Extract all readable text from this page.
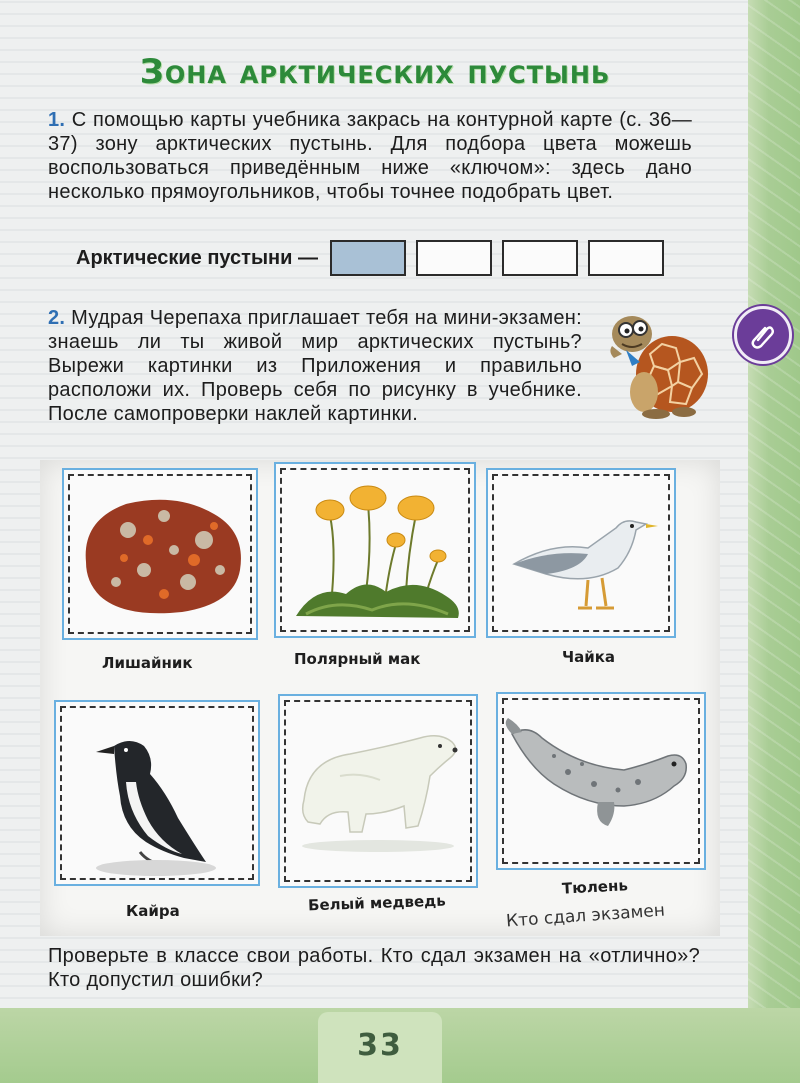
33
Зона арктических пустынь
1. С помощью карты учебника закрась на контурной карте (с. 36—37) зону арктических пустынь. Для подбора цвета можешь воспользоваться приведённым ниже «ключом»: здесь дано несколько прямоугольников, чтобы точнее подобрать цвет.
Арктические пустыни —
2. Мудрая Черепаха приглашает тебя на мини-экзамен: знаешь ли ты живой мир арктических пустынь? Вырежи картинки из Приложения и правильно расположи их. Проверь себя по рисунку в учебнике. После самопроверки наклей картинки.
Лишайник	Полярный мак	Чайка
Кайра	Белый медведь
Тюлень
Кто сдал экзамен
Проверьте в классе свои работы. Кто сдал экзамен на «отлично»? Кто допустил ошибки?
